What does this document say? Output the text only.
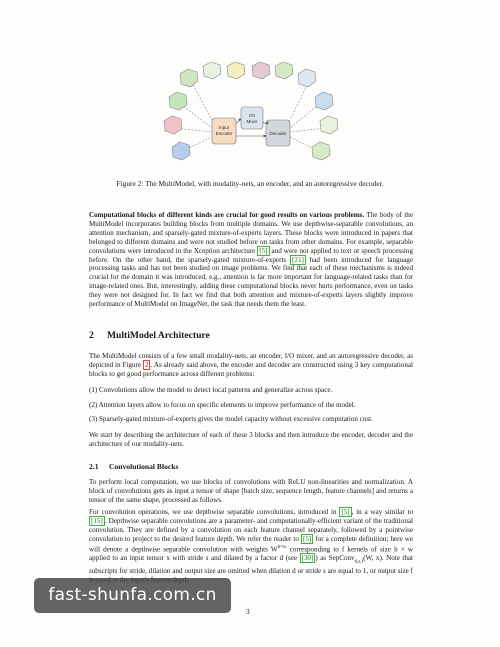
Input
Encoder
I/O
Mixer
Decoder
Figure 2: The MultiModel, with modality-nets, an encoder, and an autoregressive decoder.
Computational blocks of different kinds are crucial for good results on various problems. The body of the MultiModel incorporates building blocks from multiple domains. We use depthwise-separable convolutions, an attention mechanism, and sparsely-gated mixture-of-experts layers. These blocks were introduced in papers that belonged to different domains and were not studied before on tasks from other domains. For example, separable convolutions were introduced in the Xception architecture [5] and were not applied to text or speech processing before. On the other hand, the sparsely-gated mixture-of-experts [21] had been introduced for language processing tasks and has not been studied on image problems. We find that each of these mechanisms is indeed crucial for the domain it was introduced, e.g., attention is far more important for language-related tasks than for image-related ones. But, interestingly, adding these computational blocks never hurts performance, even on tasks they were not designed for. In fact we find that both attention and mixture-of-experts layers slightly improve performance of MultiModel on ImageNet, the task that needs them the least.
2 MultiModel Architecture
The MultiModel consists of a few small modality-nets, an encoder, I/O mixer, and an autoregressive decoder, as depicted in Figure 2 . As already said above, the encoder and decoder are constructed using 3 key computational blocks to get good performance across different problems:
(1) Convolutions allow the model to detect local patterns and generalize across space.
(2) Attention layers allow to focus on specific elements to improve performance of the model.
(3) Sparsely-gated mixture-of-experts gives the model capacity without excessive computation cost.
We start by describing the architecture of each of these 3 blocks and then introduce the encoder, decoder and the architecture of our modality-nets.
2.1 Convolutional Blocks
To perform local computation, we use blocks of convolutions with ReLU non-linearities and normalization. A block of convolutions gets as input a tensor of shape [batch size, sequence length, feature channels] and returns a tensor of the same shape, processed as follows.
For convolution operations, we use depthwise separable convolutions, introduced in [5] , in a way similar to [15] . Depthwise separable convolutions are a parameter- and computationally-efficient variant of the traditional convolution. They are defined by a convolution on each feature channel separately, followed by a pointwise convolution to project to the desired feature depth. We refer the reader to [5] for a complete definition; here we will denote a depthwise separable convolution with weights $W^{h\times w}$ corresponding to f kernels of size h × w applied to an input tensor x with stride s and dilated by a factor d (see [30] ) as SepConv$_{d,s,f}$(W, x). Note that subscripts for stride, dilation and output size are omitted when dilation d or stride s are equal to 1, or output size f
3
fast-shunfa.com.cn
